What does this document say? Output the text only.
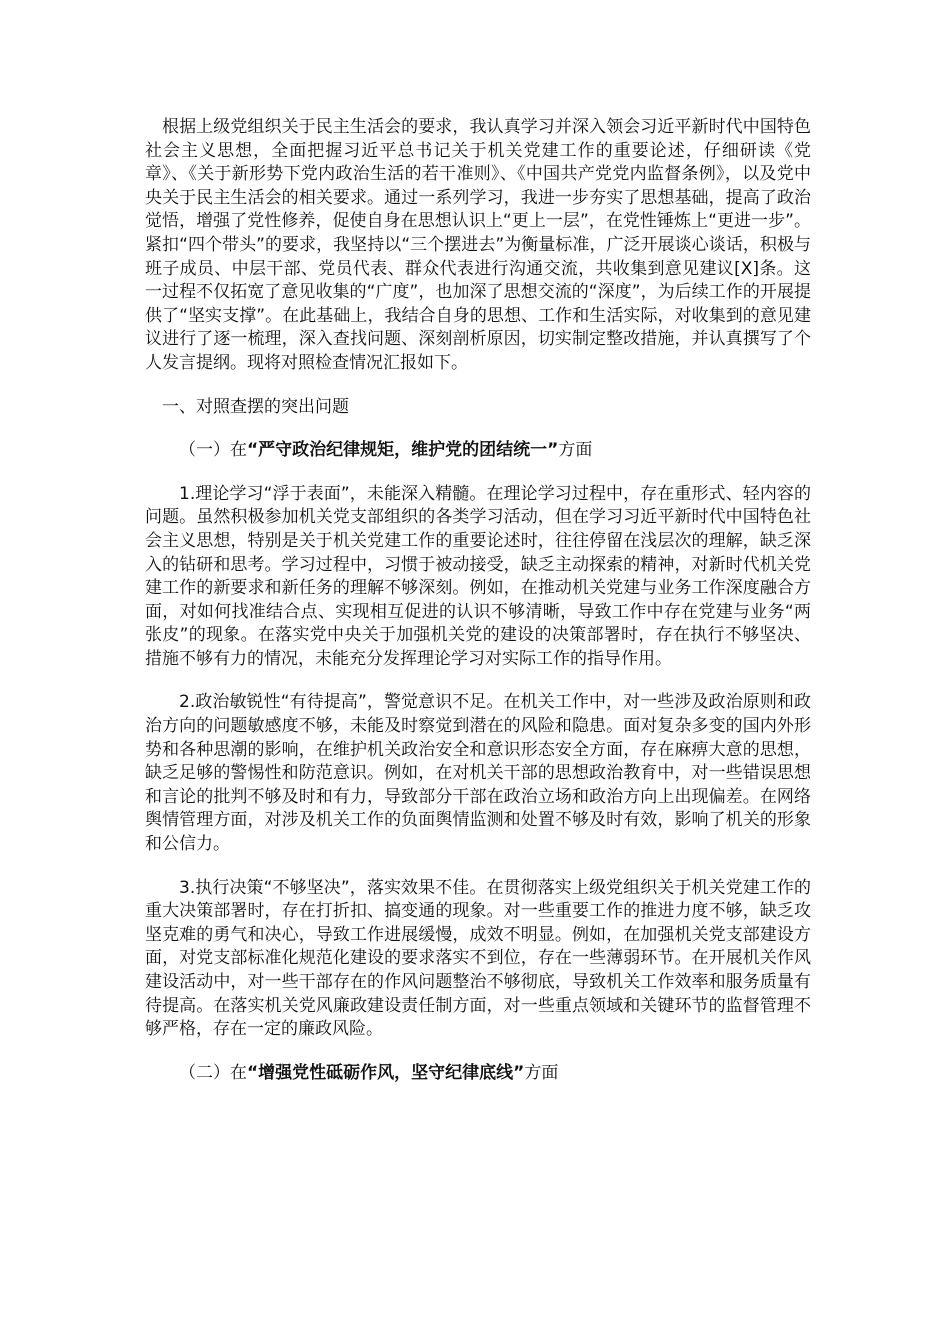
根据上级党组织关于民主生活会的要求，我认真学习并深入领会习近平新时代中国特色社会主义思想，全面把握习近平总书记关于机关党建工作的重要论述，仔细研读《党章》、《关于新形势下党内政治生活的若干准则》、《中国共产党党内监督条例》，以及党中央关于民主生活会的相关要求。通过一系列学习，我进一步夯实了思想基础，提高了政治觉悟，增强了党性修养，促使自身在思想认识上“更上一层”，在党性锤炼上“更进一步”。紧扣“四个带头”的要求，我坚持以“三个摆进去”为衡量标准，广泛开展谈心谈话，积极与班子成员、中层干部、党员代表、群众代表进行沟通交流，共收集到意见建议[X]条。这一过程不仅拓宽了意见收集的“广度”，也加深了思想交流的“深度”，为后续工作的开展提供了“坚实支撑”。在此基础上，我结合自身的思想、工作和生活实际，对收集到的意见建议进行了逐一梳理，深入查找问题、深刻剖析原因，切实制定整改措施，并认真撰写了个人发言提纲。现将对照检查情况汇报如下。

一、对照查摆的突出问题

（一）在“严守政治纪律规矩，维护党的团结统一”方面

1.理论学习“浮于表面”，未能深入精髓。在理论学习过程中，存在重形式、轻内容的问题。虽然积极参加机关党支部组织的各类学习活动，但在学习习近平新时代中国特色社会主义思想，特别是关于机关党建工作的重要论述时，往往停留在浅层次的理解，缺乏深入的钻研和思考。学习过程中，习惯于被动接受，缺乏主动探索的精神，对新时代机关党建工作的新要求和新任务的理解不够深刻。例如，在推动机关党建与业务工作深度融合方面，对如何找准结合点、实现相互促进的认识不够清晰，导致工作中存在党建与业务“两张皮”的现象。在落实党中央关于加强机关党的建设的决策部署时，存在执行不够坚决、措施不够有力的情况，未能充分发挥理论学习对实际工作的指导作用。

2.政治敏锐性“有待提高”，警觉意识不足。在机关工作中，对一些涉及政治原则和政治方向的问题敏感度不够，未能及时察觉到潜在的风险和隐患。面对复杂多变的国内外形势和各种思潮的影响，在维护机关政治安全和意识形态安全方面，存在麻痹大意的思想，缺乏足够的警惕性和防范意识。例如，在对机关干部的思想政治教育中，对一些错误思想和言论的批判不够及时和有力，导致部分干部在政治立场和政治方向上出现偏差。在网络舆情管理方面，对涉及机关工作的负面舆情监测和处置不够及时有效，影响了机关的形象和公信力。

3.执行决策“不够坚决”，落实效果不佳。在贯彻落实上级党组织关于机关党建工作的重大决策部署时，存在打折扣、搞变通的现象。对一些重要工作的推进力度不够，缺乏攻坚克难的勇气和决心，导致工作进展缓慢，成效不明显。例如，在加强机关党支部建设方面，对党支部标准化规范化建设的要求落实不到位，存在一些薄弱环节。在开展机关作风建设活动中，对一些干部存在的作风问题整治不够彻底，导致机关工作效率和服务质量有待提高。在落实机关党风廉政建设责任制方面，对一些重点领域和关键环节的监督管理不够严格，存在一定的廉政风险。

（二）在“增强党性砥砺作风，坚守纪律底线”方面
